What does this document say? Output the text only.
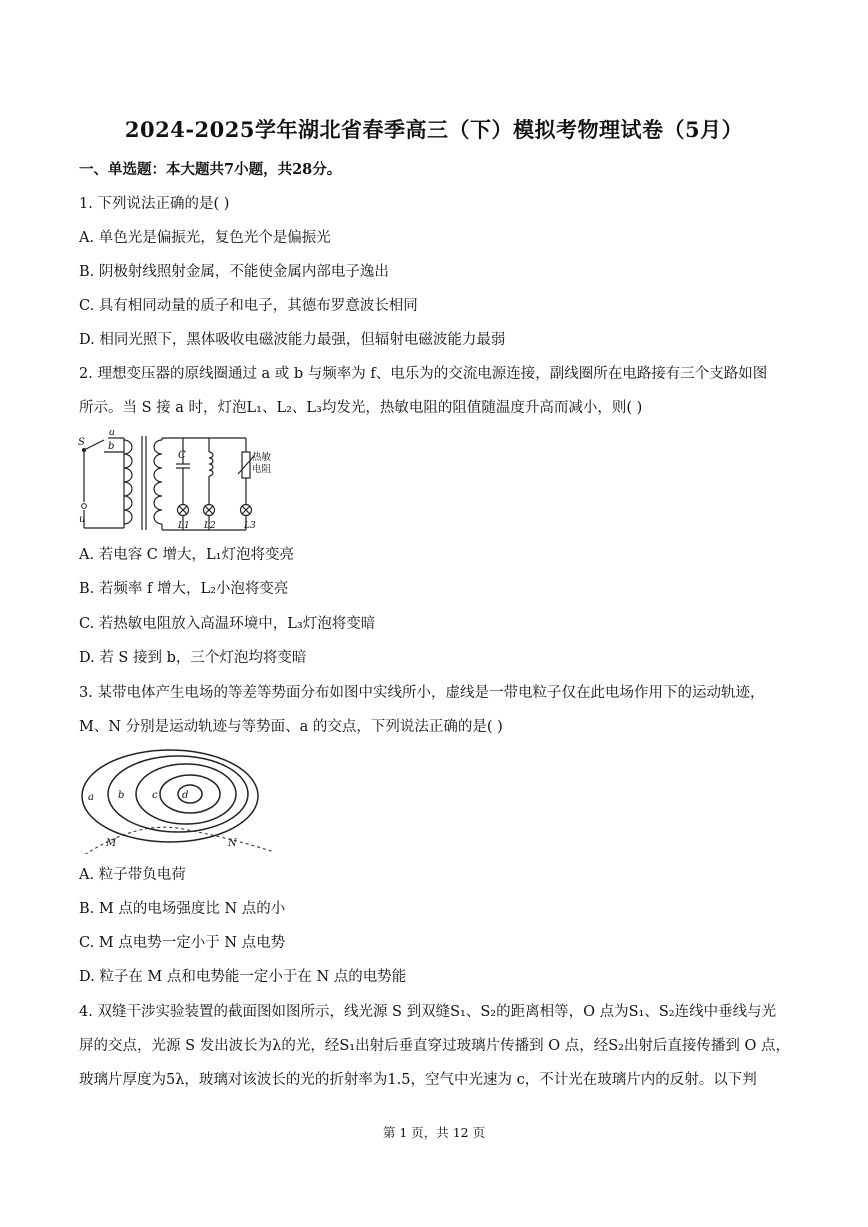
2024-2025学年湖北省春季高三（下）模拟考物理试卷（5月）
一、单选题：本大题共7小题，共28分。
1. 下列说法正确的是( )
A. 单色光是偏振光，复色光个是偏振光
B. 阴极射线照射金属，不能使金属内部电子逸出
C. 具有相同动量的质子和电子，其德布罗意波长相同
D. 相同光照下，黑体吸收电磁波能力最强，但辐射电磁波能力最弱
2. 理想变压器的原线圈通过 a 或 b 与频率为 f、电乐为的交流电源连接，副线圈所在电路接有三个支路如图
所示。当 S 接 a 时，灯泡L₁、L₂、L₃均发光，热敏电阻的阻值随温度升高而减小，则( )
S
a
b
u
C
L1 L2	L3
热敏
电阻
A. 若电容 C 增大，L₁灯泡将变亮
B. 若频率 f 增大，L₂小泡将变亮
C. 若热敏电阻放入高温环境中，L₃灯泡将变暗
D. 若 S 接到 b，三个灯泡均将变暗
3. 某带电体产生电场的等差等势面分布如图中实线所小，虚线是一带电粒子仅在此电场作用下的运动轨迹，
M、N 分别是运动轨迹与等势面、a 的交点，下列说法正确的是( )
a b	c d
M	N
A. 粒子带负电荷
B. M 点的电场强度比 N 点的小
C. M 点电势一定小于 N 点电势
D. 粒子在 M 点和电势能一定小于在 N 点的电势能
4. 双缝干涉实验装置的截面图如图所示，线光源 S 到双缝S₁、S₂的距离相等，O 点为S₁、S₂连线中垂线与光
屏的交点，光源 S 发出波长为λ的光，经S₁出射后垂直穿过玻璃片传播到 O 点，经S₂出射后直接传播到 O 点，
玻璃片厚度为5λ，玻璃对该波长的光的折射率为1.5，空气中光速为 c，不计光在玻璃片内的反射。以下判
第 1 页，共 12 页
